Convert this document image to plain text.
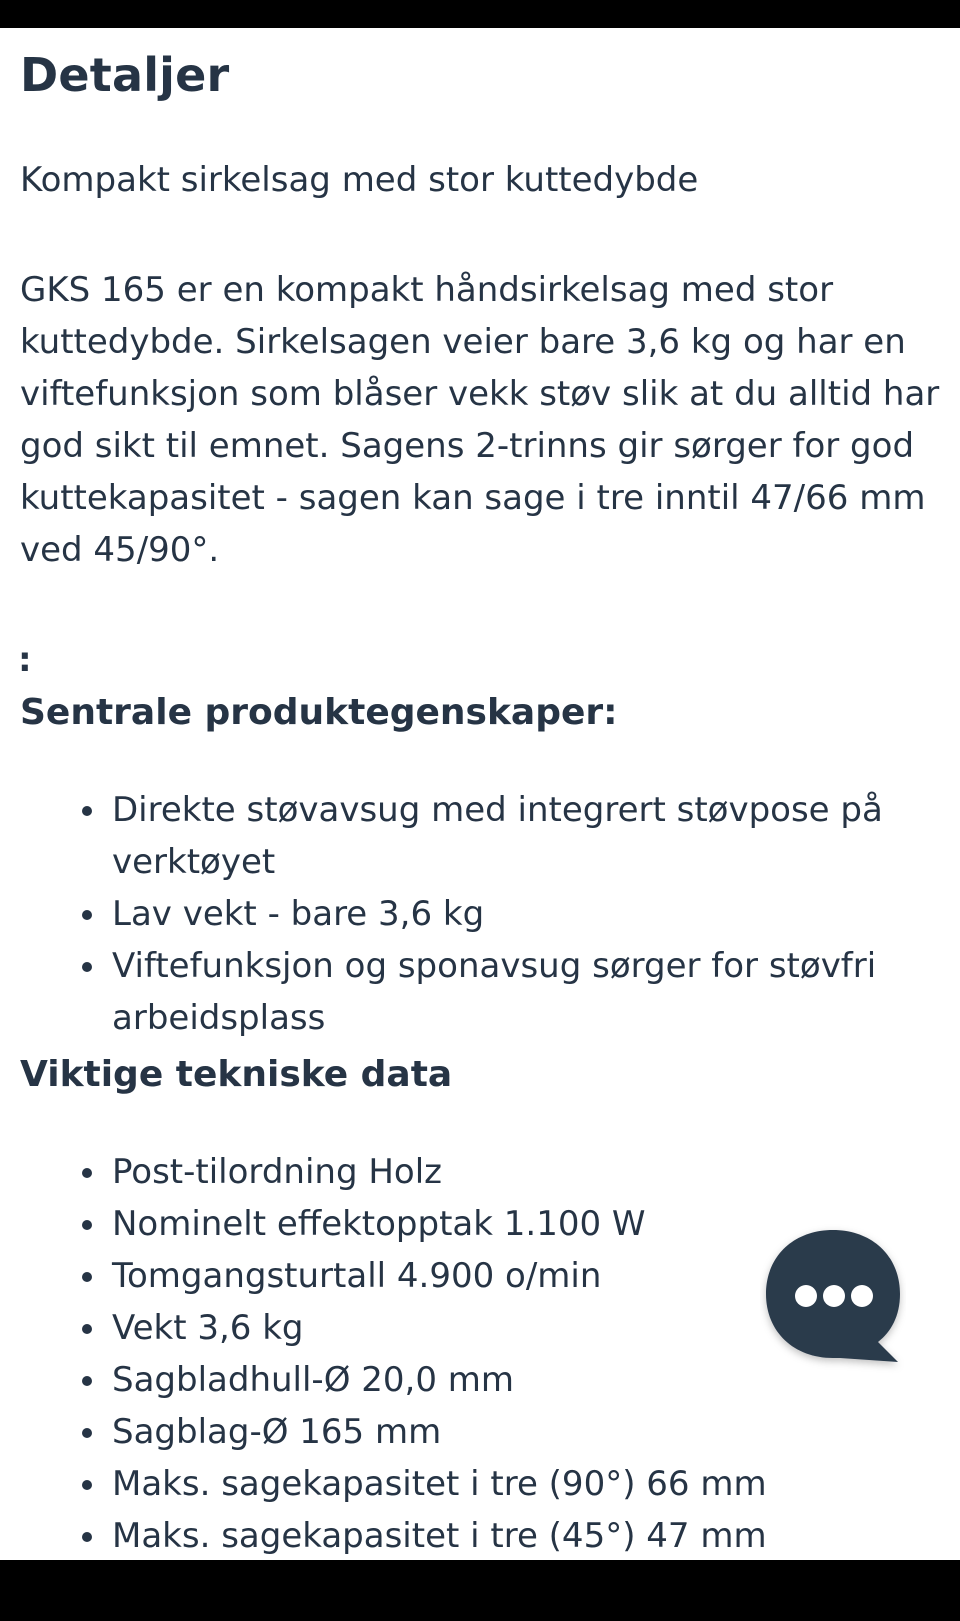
Detaljer

Kompakt sirkelsag med stor kuttedybde

GKS 165 er en kompakt håndsirkelsag med stor kuttedybde. Sirkelsagen veier bare 3,6 kg og har en viftefunksjon som blåser vekk støv slik at du alltid har god sikt til emnet. Sagens 2-trinns gir sørger for god kuttekapasitet - sagen kan sage i tre inntil 47/66 mm ved 45/90°.

:

Sentrale produktegenskaper:
Direkte støvavsug med integrert støvpose på verktøyet
Lav vekt - bare 3,6 kg
Viftefunksjon og sponavsug sørger for støvfri arbeidsplass
Viktige tekniske data
Post-tilordning Holz
Nominelt effektopptak 1.100 W
Tomgangsturtall 4.900 o/min
Vekt 3,6 kg
Sagbladhull-Ø 20,0 mm
Sagblag-Ø 165 mm
Maks. sagekapasitet i tre (90°) 66 mm
Maks. sagekapasitet i tre (45°) 47 mm
